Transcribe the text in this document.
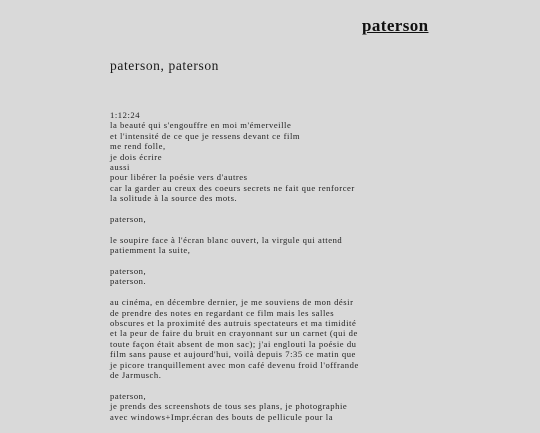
paterson
paterson, paterson

1:12:24
la beauté qui s'engouffre en moi m'émerveille
et l'intensité de ce que je ressens devant ce film
me rend folle,
je dois écrire
aussi
pour libérer la poésie vers d'autres
car la garder au creux des coeurs secrets ne fait que renforcer
la solitude à la source des mots.

paterson,

le soupire face à l'écran blanc ouvert, la virgule qui attend
patiemment la suite,

paterson,
paterson.

au cinéma, en décembre dernier, je me souviens de mon désir
de prendre des notes en regardant ce film mais les salles
obscures et la proximité des autruis spectateurs et ma timidité
et la peur de faire du bruit en crayonnant sur un carnet (qui de
toute façon était absent de mon sac); j'ai englouti la poésie du
film sans pause et aujourd'hui, voilà depuis 7:35 ce matin que
je picore tranquillement avec mon café devenu froid l'offrande
de Jarmusch.

paterson,
je prends des screenshots de tous ses plans, je photographie
avec windows+Impr.écran des bouts de pellicule pour la
